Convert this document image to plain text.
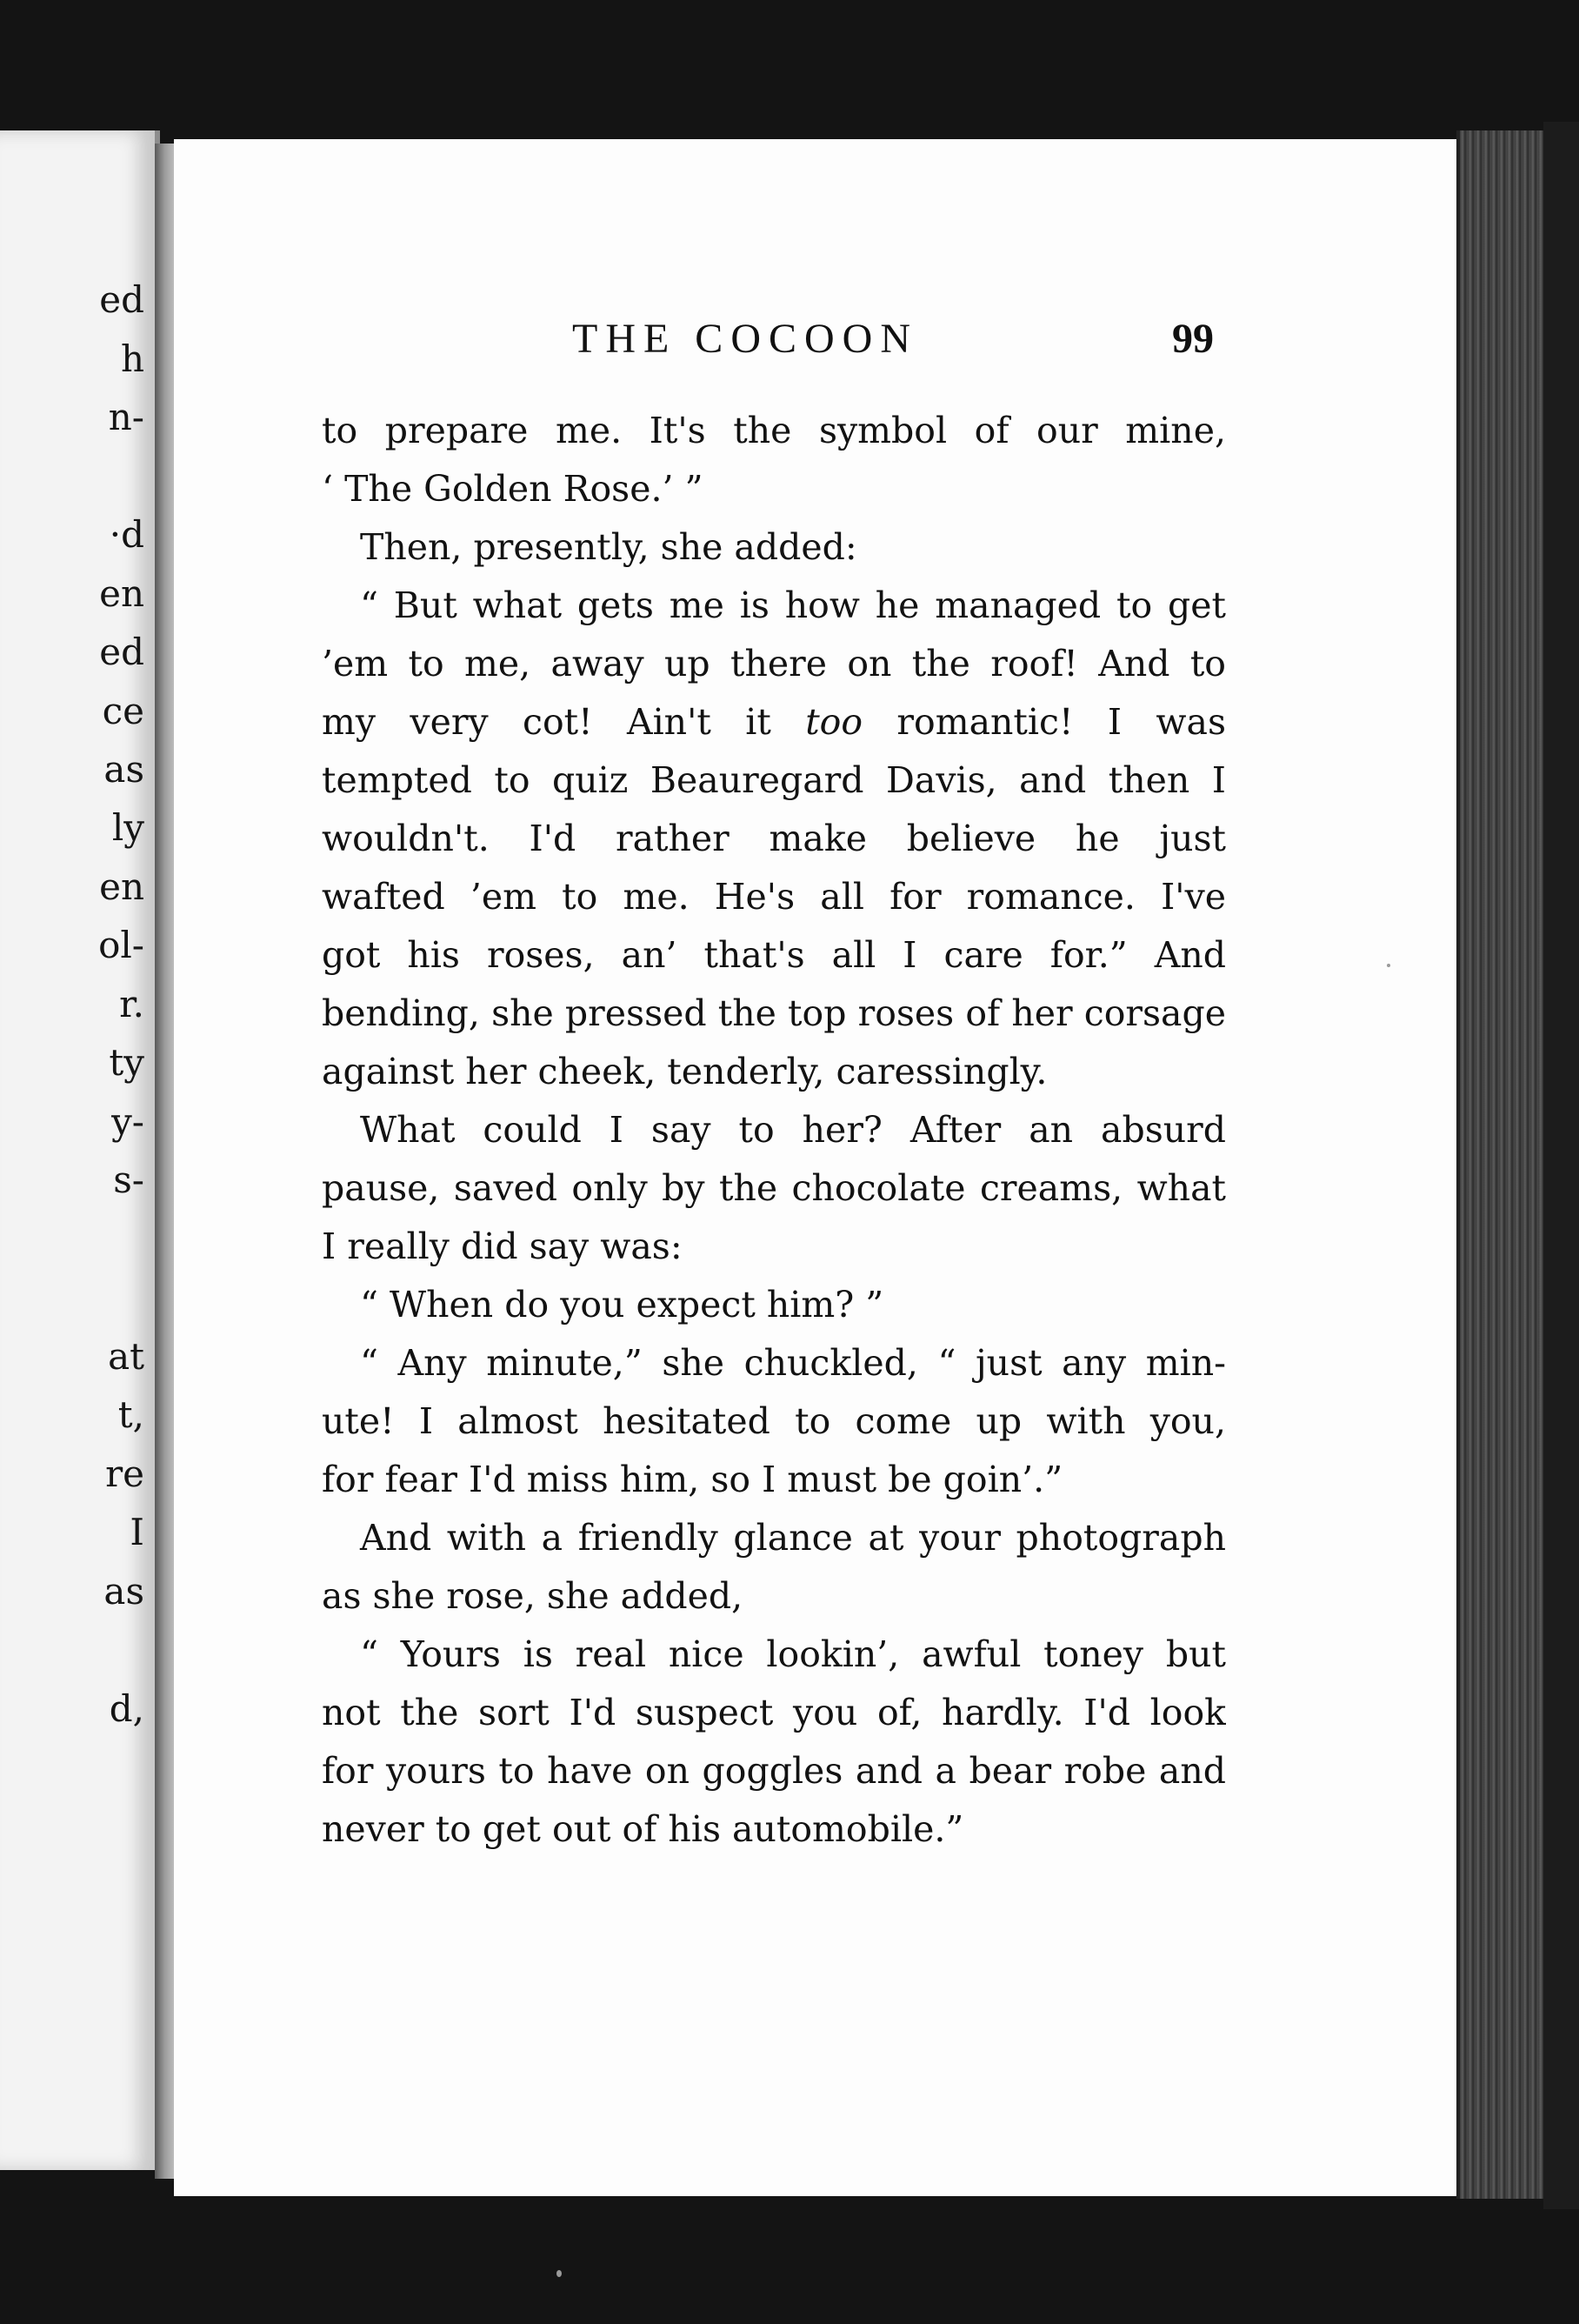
ed
h
n-
·d
en
ed
ce
as
ly
en
ol-
r.
ty
y-
s-
at
t,
re
I
as
d,
THE COCOON	99
to prepare me. It's the symbol of our mine,
‘ The Golden Rose.’ ”
Then, presently, she added:
“ But what gets me is how he managed to get
’em to me, away up there on the roof! And to
my very cot! Ain't it too romantic! I was
tempted to quiz Beauregard Davis, and then I
wouldn't. I'd rather make believe he just
wafted ’em to me. He's all for romance. I've
got his roses, an’ that's all I care for.” And
bending, she pressed the top roses of her corsage
against her cheek, tenderly, caressingly.
What could I say to her? After an absurd
pause, saved only by the chocolate creams, what
I really did say was:
“ When do you expect him? ”
“ Any minute,” she chuckled, “ just any min-
ute! I almost hesitated to come up with you,
for fear I'd miss him, so I must be goin’.”
And with a friendly glance at your photograph
as she rose, she added,
“ Yours is real nice lookin’, awful toney but
not the sort I'd suspect you of, hardly. I'd look
for yours to have on goggles and a bear robe and
never to get out of his automobile.”
